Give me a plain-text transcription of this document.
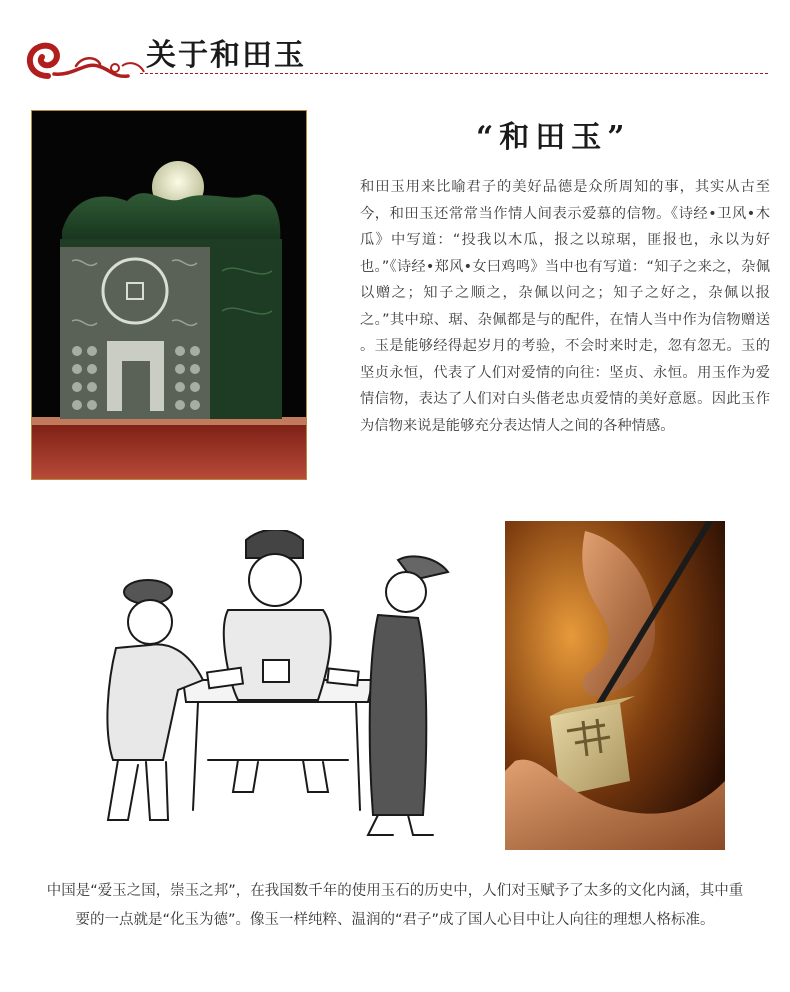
关于和田玉
“和田玉”
和田玉用来比喻君子的美好品德是众所周知的事，其实从古至今，和田玉还常常当作情人间表示爱慕的信物。《诗经•卫风•木瓜》中写道：“投我以木瓜，报之以琼琚，匪报也，永以为好也。”《诗经•郑风•女曰鸡鸣》当中也有写道：“知子之来之，杂佩以赠之；知子之顺之，杂佩以问之；知子之好之，杂佩以报之。”其中琼、琚、杂佩都是与的配件，在情人当中作为信物赠送 。玉是能够经得起岁月的考验，不会时来时走，忽有忽无。玉的坚贞永恒，代表了人们对爱情的向往：坚贞、永恒。用玉作为爱情信物，表达了人们对白头偕老忠贞爱情的美好意愿。因此玉作为信物来说是能够充分表达情人之间的各种情感。
中国是“爱玉之国，崇玉之邦”，在我国数千年的使用玉石的历史中，人们对玉赋予了太多的文化内涵，其中重要的一点就是“化玉为德”。像玉一样纯粹、温润的“君子”成了国人心目中让人向往的理想人格标准。
